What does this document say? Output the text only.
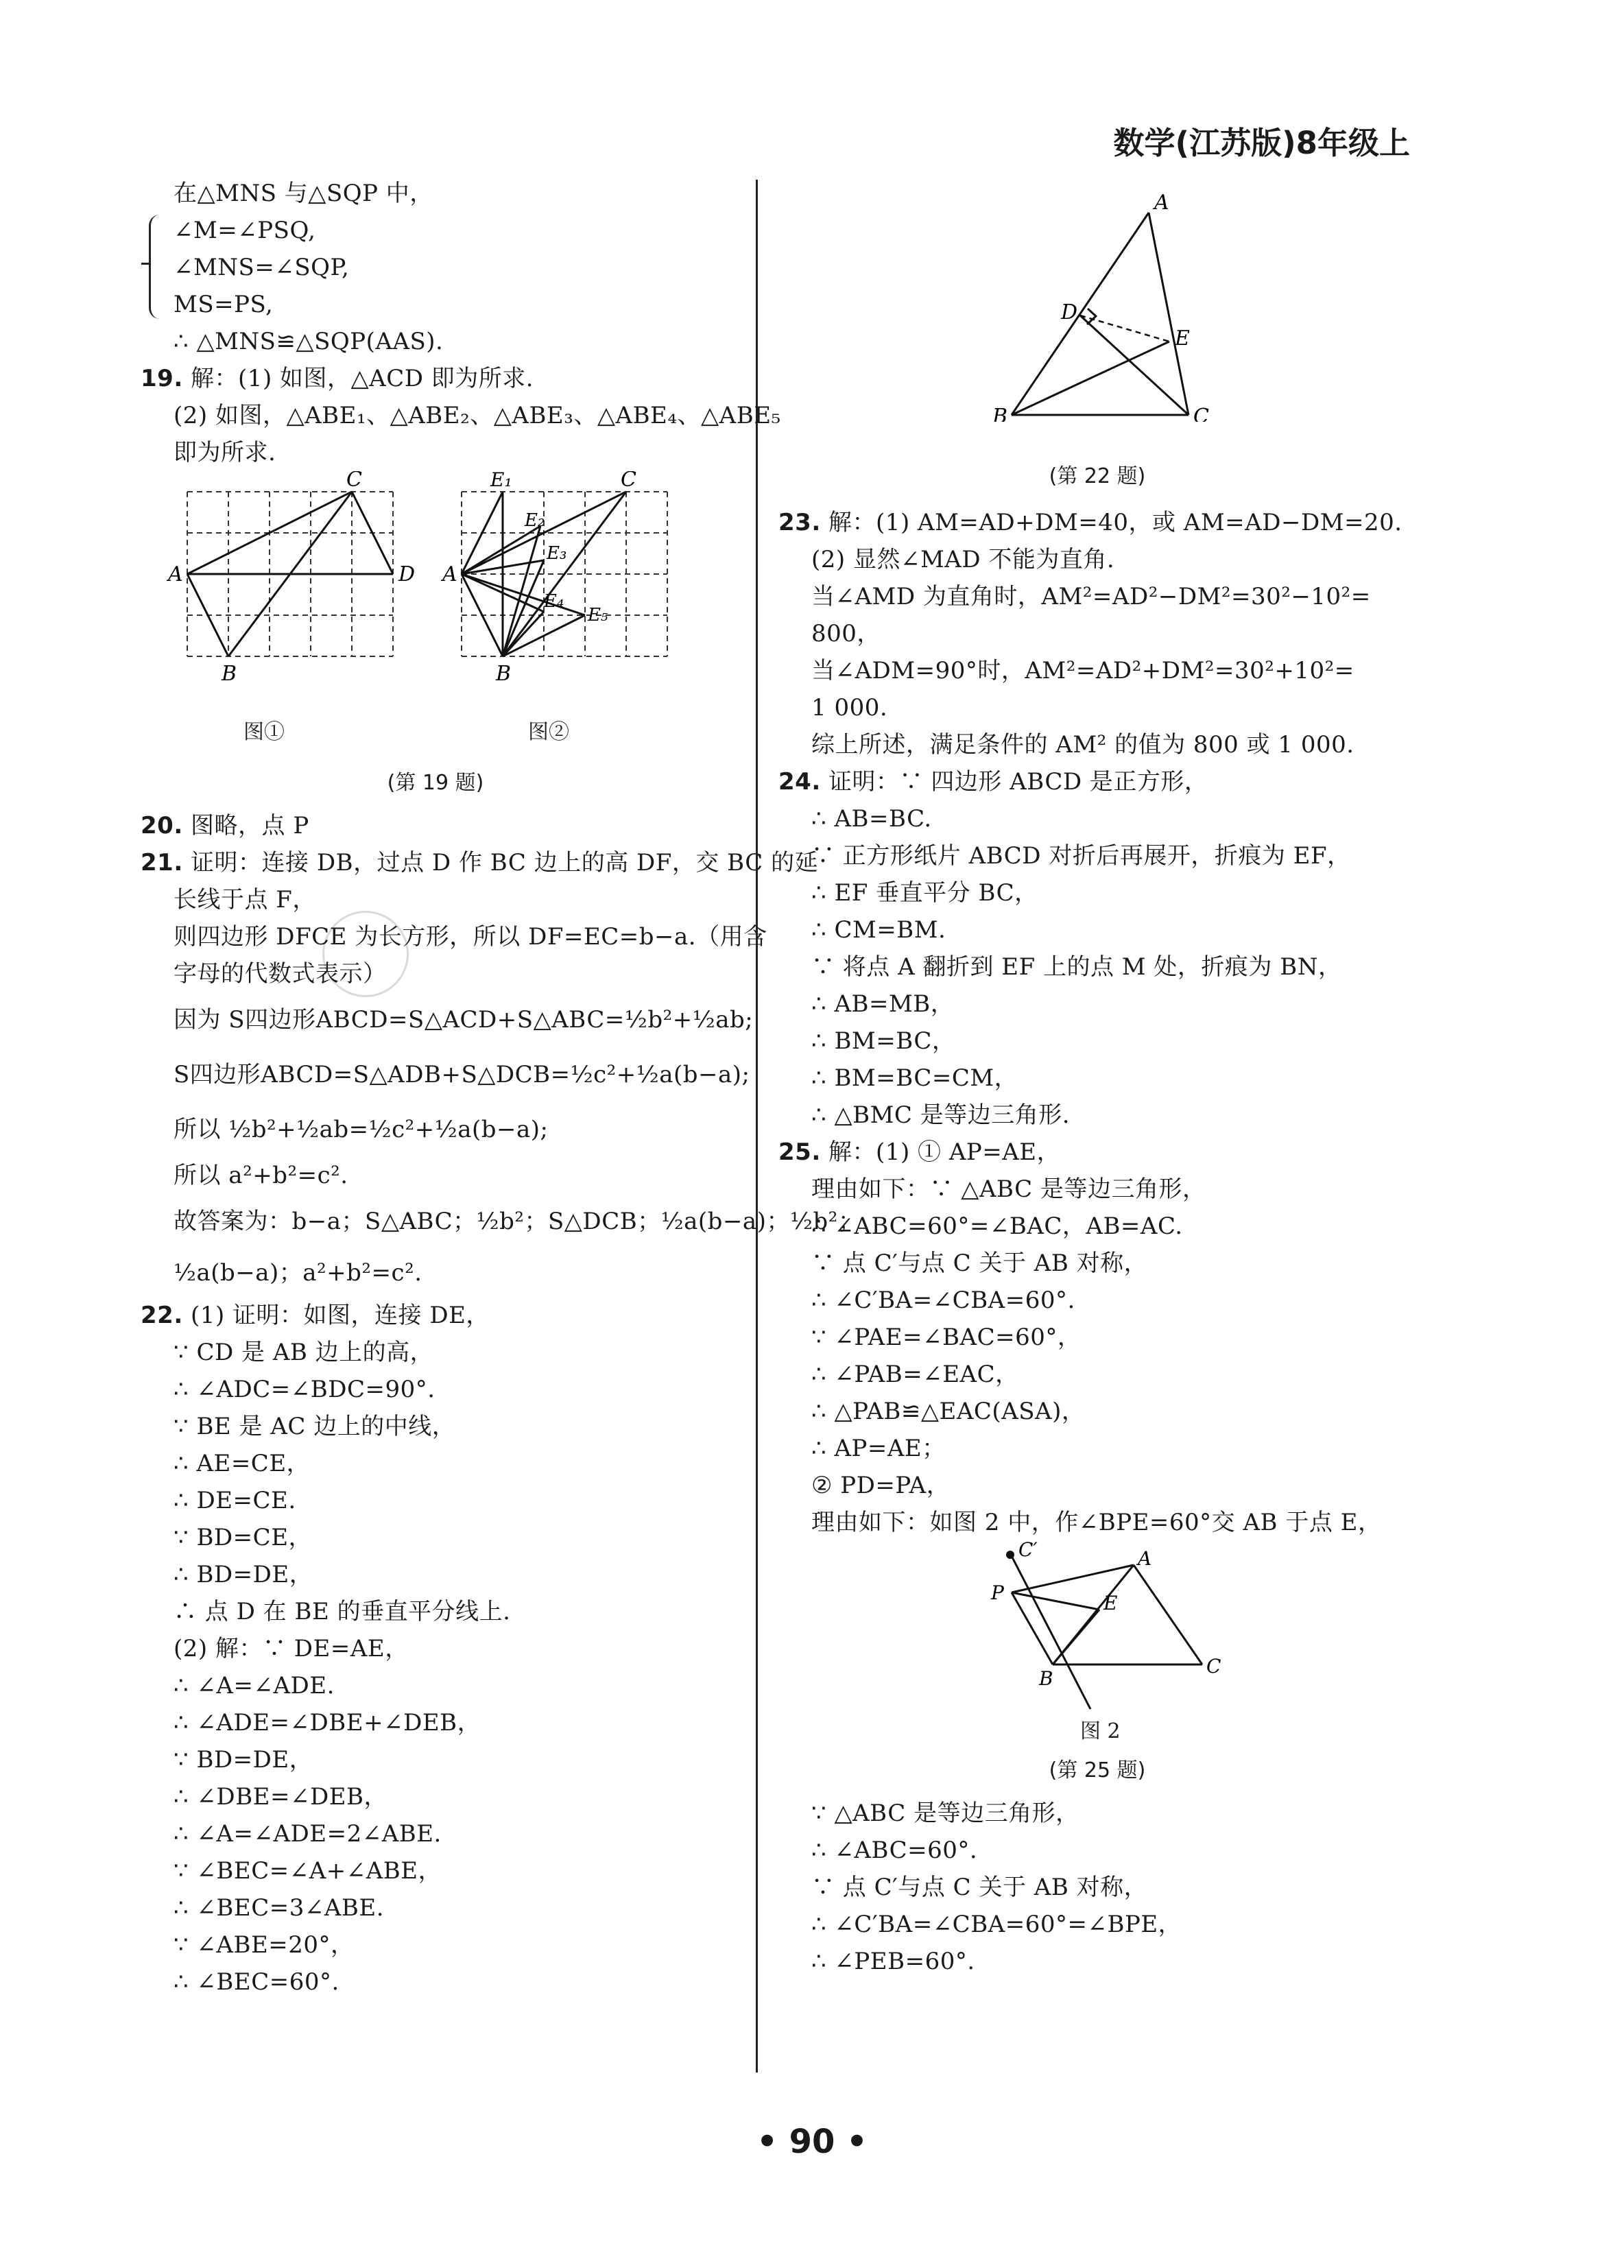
数学(江苏版)8年级上
在△MNS 与△SQP 中，
∠M=∠PSQ,
∠MNS=∠SQP,
MS=PS,
∴ △MNS≌△SQP(AAS).
19. 解：(1) 如图，△ACD 即为所求.
(2) 如图，△ABE₁、△ABE₂、△ABE₃、△ABE₄、△ABE₅
即为所求.
A
B
C
D A
B
C
E₁
E₂
E₃
E₄
E₅
图①	图②
(第 19 题)
20. 图略，点 P
21. 证明：连接 DB，过点 D 作 BC 边上的高 DF，交 BC 的延
长线于点 F，
则四边形 DFCE 为长方形，所以 DF=EC=b−a.（用含
字母的代数式表示）
因为 S四边形ABCD=S△ACD+S△ABC=½b²+½ab;
S四边形ABCD=S△ADB+S△DCB=½c²+½a(b−a);
所以 ½b²+½ab=½c²+½a(b−a);
所以 a²+b²=c².
故答案为：b−a；S△ABC；½b²；S△DCB；½a(b−a)；½b²；
½a(b−a)；a²+b²=c².
22. (1) 证明：如图，连接 DE，
∵ CD 是 AB 边上的高，
∴ ∠ADC=∠BDC=90°.
∵ BE 是 AC 边上的中线，
∴ AE=CE，
∴ DE=CE.
∵ BD=CE，
∴ BD=DE，
∴ 点 D 在 BE 的垂直平分线上.
(2) 解：∵ DE=AE，
∴ ∠A=∠ADE.
∴ ∠ADE=∠DBE+∠DEB，
∵ BD=DE，
∴ ∠DBE=∠DEB，
∴ ∠A=∠ADE=2∠ABE.
∵ ∠BEC=∠A+∠ABE，
∴ ∠BEC=3∠ABE.
∵ ∠ABE=20°，
∴ ∠BEC=60°.
A
B	C
D
E
(第 22 题)
23. 解：(1) AM=AD+DM=40，或 AM=AD−DM=20.
(2) 显然∠MAD 不能为直角.
当∠AMD 为直角时，AM²=AD²−DM²=30²−10²=
800，
当∠ADM=90°时，AM²=AD²+DM²=30²+10²=
1 000.
综上所述，满足条件的 AM² 的值为 800 或 1 000.
24. 证明：∵ 四边形 ABCD 是正方形，
∴ AB=BC.
∵ 正方形纸片 ABCD 对折后再展开，折痕为 EF，
∴ EF 垂直平分 BC，
∴ CM=BM.
∵ 将点 A 翻折到 EF 上的点 M 处，折痕为 BN，
∴ AB=MB，
∴ BM=BC，
∴ BM=BC=CM，
∴ △BMC 是等边三角形.
25. 解：(1) ① AP=AE，
理由如下：∵ △ABC 是等边三角形，
∴ ∠ABC=60°=∠BAC，AB=AC.
∵ 点 C′与点 C 关于 AB 对称，
∴ ∠C′BA=∠CBA=60°.
∵ ∠PAE=∠BAC=60°，
∴ ∠PAB=∠EAC，
∴ △PAB≌△EAC(ASA)，
∴ AP=AE；
② PD=PA，
理由如下：如图 2 中，作∠BPE=60°交 AB 于点 E，
A
B
C
C′
P	E
图 2
(第 25 题)
∵ △ABC 是等边三角形，
∴ ∠ABC=60°.
∵ 点 C′与点 C 关于 AB 对称，
∴ ∠C′BA=∠CBA=60°=∠BPE，
∴ ∠PEB=60°.
• 90 •
